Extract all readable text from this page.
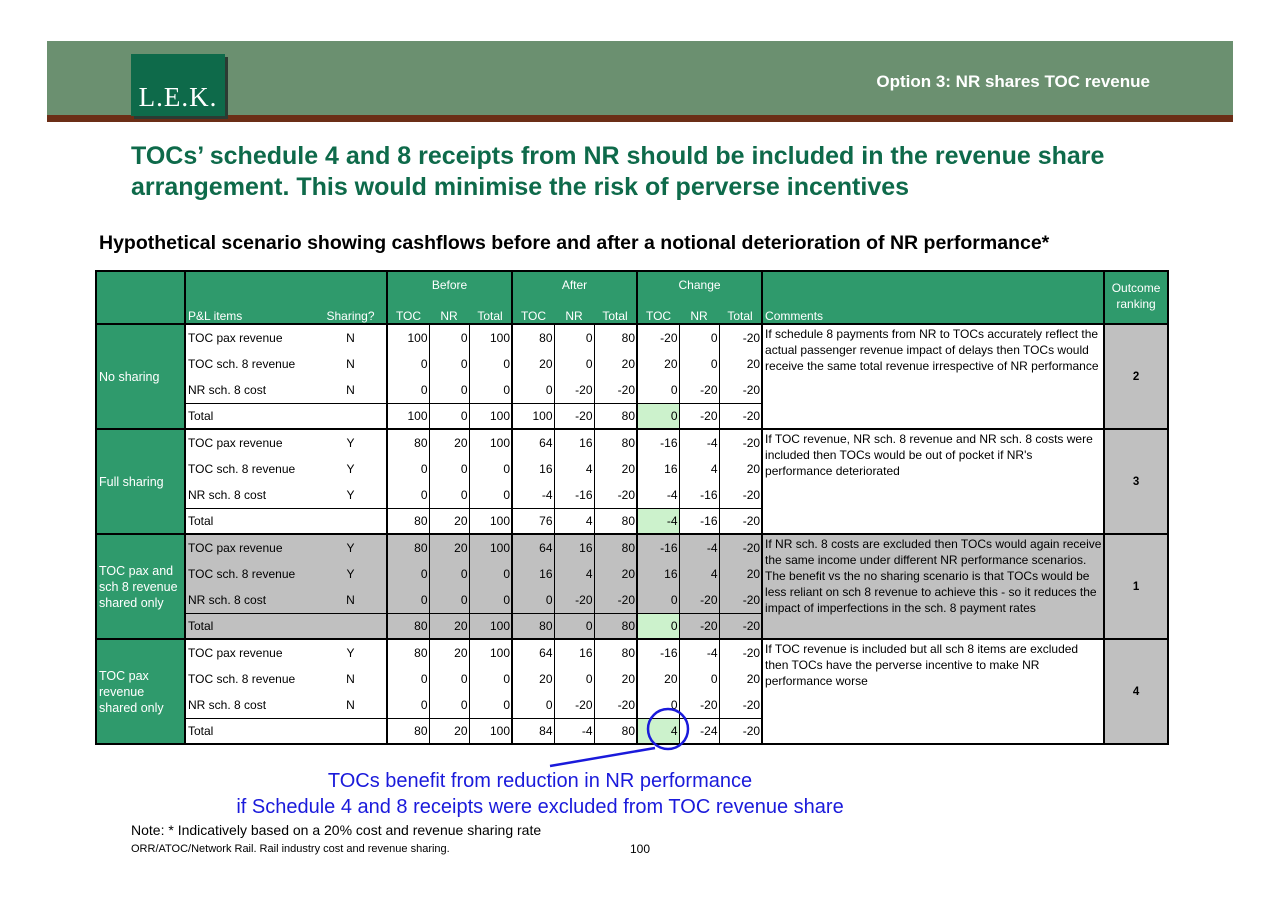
L.E.K.
Option 3: NR shares TOC revenue
TOCs’ schedule 4 and 8 receipts from NR should be included in the revenue share arrangement. This would minimise the risk of perverse incentives
Hypothetical scenario showing cashflows before and after a notional deterioration of NR performance*
			Before			After			Change				Outcome ranking
	P&L items	Sharing?	TOC	NR	Total	TOC	NR	Total	TOC	NR	Total	Comments	
No sharing	TOC pax revenue	N	100	0	100	80	0	80	-20	0	-20	If schedule 8 payments from NR to TOCs accurately reflect the actual passenger revenue impact of delays then TOCs would receive the same total revenue irrespective of NR performance	2
	TOC sch. 8 revenue	N	0	0	0	20	0	20	20	0	20		
	NR sch. 8 cost	N	0	0	0	0	-20	-20	0	-20	-20		
	Total		100	0	100	100	-20	80	0	-20	-20		
Full sharing	TOC pax revenue	Y	80	20	100	64	16	80	-16	-4	-20	If TOC revenue, NR sch. 8 revenue and NR sch. 8 costs were included then TOCs would be out of pocket if NR's performance deteriorated	3
	TOC sch. 8 revenue	Y	0	0	0	16	4	20	16	4	20		
	NR sch. 8 cost	Y	0	0	0	-4	-16	-20	-4	-16	-20		
	Total		80	20	100	76	4	80	-4	-16	-20		
TOC pax and sch 8 revenue shared only	TOC pax revenue	Y	80	20	100	64	16	80	-16	-4	-20	If NR sch. 8 costs are excluded then TOCs would again receive the same income under different NR performance scenarios. The benefit vs the no sharing scenario is that TOCs would be less reliant on sch 8 revenue to achieve this - so it reduces the impact of imperfections in the sch. 8 payment rates	1
	TOC sch. 8 revenue	Y	0	0	0	16	4	20	16	4	20		
	NR sch. 8 cost	N	0	0	0	0	-20	-20	0	-20	-20		
	Total		80	20	100	80	0	80	0	-20	-20		
TOC pax revenue shared only	TOC pax revenue	Y	80	20	100	64	16	80	-16	-4	-20	If TOC revenue is included but all sch 8 items are excluded then TOCs have the perverse incentive to make NR performance worse	4
	TOC sch. 8 revenue	N	0	0	0	20	0	20	20	0	20		
	NR sch. 8 cost	N	0	0	0	0	-20	-20	0	-20	-20		
	Total		80	20	100	84	-4	80	4	-24	-20		
TOCs benefit from reduction in NR performance
if Schedule 4 and 8 receipts were excluded from TOC revenue share
Note: * Indicatively based on a 20% cost and revenue sharing rate
ORR/ATOC/Network Rail. Rail industry cost and revenue sharing.	100
